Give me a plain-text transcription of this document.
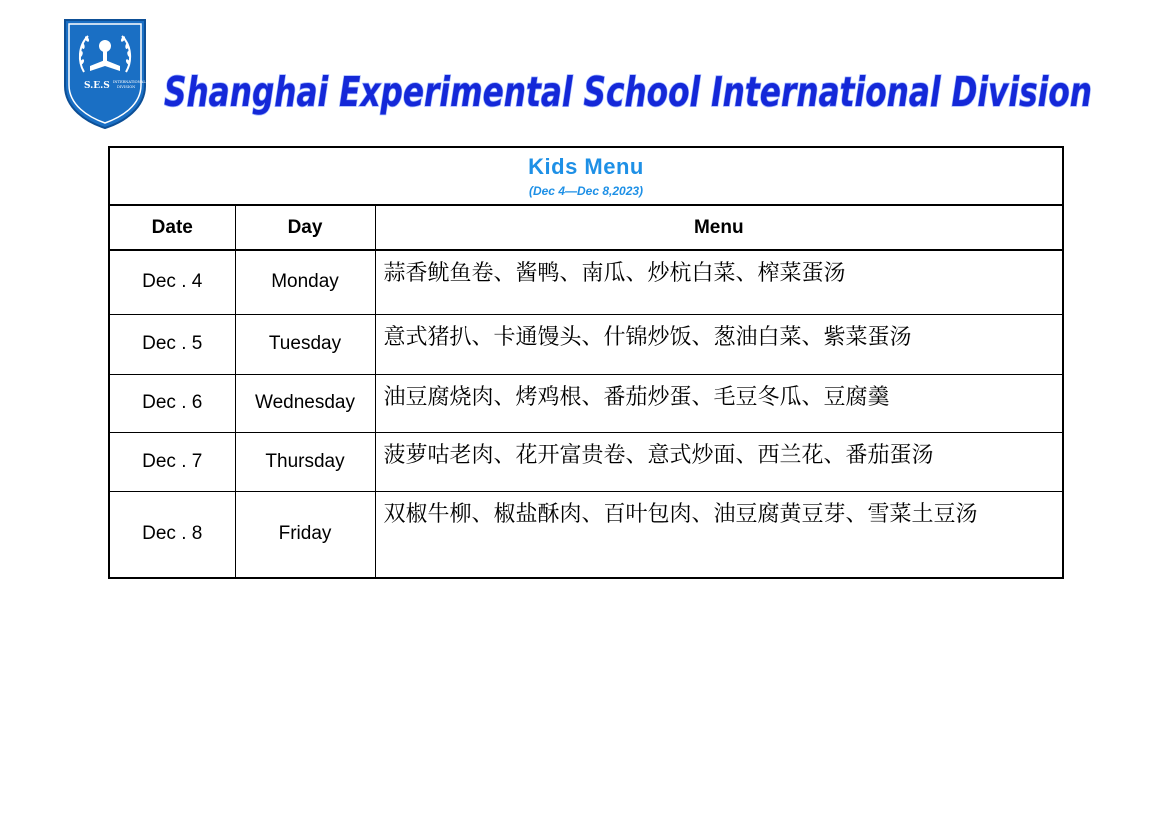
S.E.S INTERNATIONAL
DIVISION Shanghai Experimental School International Division
Kids Menu
(Dec 4—Dec 8,2023)		

Date	Day	Menu
Dec . 4	Monday	蒜香鱿鱼卷、酱鸭、南瓜、炒杭白菜、榨菜蛋汤

Dec . 5	Tuesday	意式猪扒、卡通馒头、什锦炒饭、葱油白菜、紫菜蛋汤

Dec . 6	Wednesday	油豆腐烧肉、烤鸡根、番茄炒蛋、毛豆冬瓜、豆腐羹

Dec . 7	Thursday	菠萝咕老肉、花开富贵卷、意式炒面、西兰花、番茄蛋汤

Dec . 8	Friday	双椒牛柳、椒盐酥肉、百叶包肉、油豆腐黄豆芽、雪菜土豆汤
